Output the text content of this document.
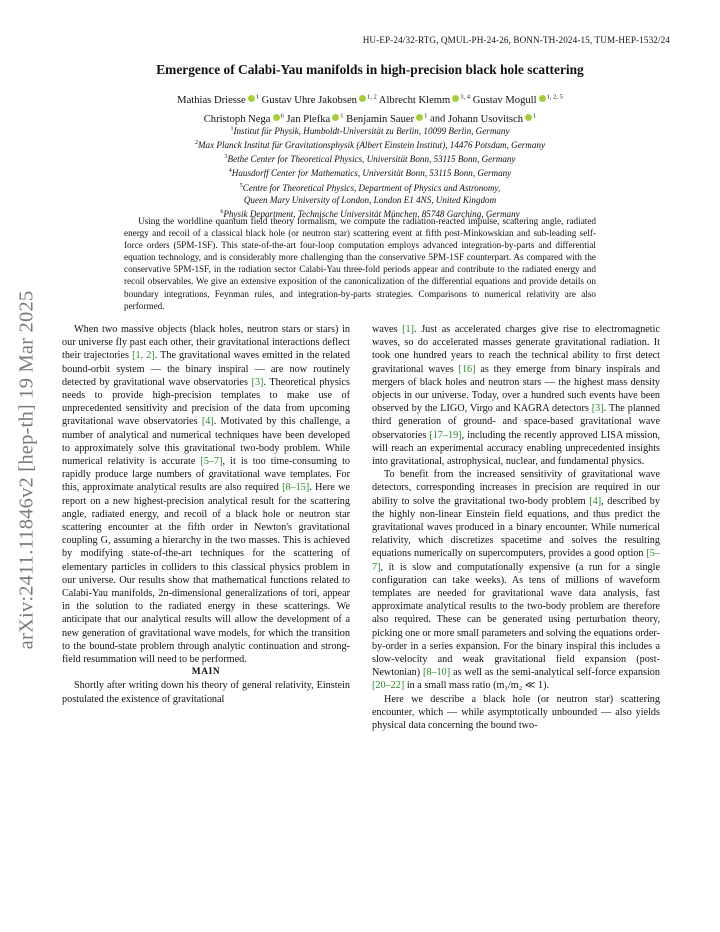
arXiv:2411.11846v2 [hep-th] 19 Mar 2025
HU-EP-24/32-RTG, QMUL-PH-24-26, BONN-TH-2024-15, TUM-HEP-1532/24
Emergence of Calabi-Yau manifolds in high-precision black hole scattering
Mathias Driesse $^1$ Gustav Uhre Jakobsen $^{1, 2}$ Albrecht Klemm $^{3, 4}$ Gustav Mogull $^{1, 2, 5}$
Christoph Nega $^6$ Jan Plefka $^1$ Benjamin Sauer $^1$ and Johann Usovitsch $^1$
$^1$Institut für Physik, Humboldt-Universität zu Berlin, 10099 Berlin, Germany
$^2$Max Planck Institut für Gravitationsphysik (Albert Einstein Institut), 14476 Potsdam, Germany
$^3$Bethe Center for Theoretical Physics, Universität Bonn, 53115 Bonn, Germany
$^4$Hausdorff Center for Mathematics, Universität Bonn, 53115 Bonn, Germany
$^5$Centre for Theoretical Physics, Department of Physics and Astronomy,
Queen Mary University of London, London E1 4NS, United Kingdom
$^6$Physik Department, Technische Universität München, 85748 Garching, Germany

Using the worldline quantum field theory formalism, we compute the radiation-reacted impulse, scattering angle, radiated energy and recoil of a classical black hole (or neutron star) scattering event at fifth post-Minkowskian and sub-leading self-force orders (5PM-1SF). This state-of-the-art four-loop computation employs advanced integration-by-parts and differential equation technology, and is considerably more challenging than the conservative 5PM-1SF counterpart. As compared with the conservative 5PM-1SF, in the radiation sector Calabi-Yau three-fold periods appear and contribute to the radiated energy and recoil observables. We give an extensive exposition of the canonicalization of the differential equations and provide details on boundary integrations, Feynman rules, and integration-by-parts strategies. Comparisons to numerical relativity are also performed.

When two massive objects (black holes, neutron stars or stars) in our universe fly past each other, their gravitational interactions deflect their trajectories [1, 2]. The gravitational waves emitted in the related bound-orbit system — the binary inspiral — are now routinely detected by gravitational wave observatories [3]. Theoretical physics needs to provide high-precision templates to make use of unprecedented sensitivity and precision of the data from upcoming gravitational wave observatories [4]. Motivated by this challenge, a number of analytical and numerical techniques have been developed to approximately solve this gravitational two-body problem. While numerical relativity is accurate [5–7], it is too time-consuming to rapidly produce large numbers of gravitational wave templates. For this, approximate analytical results are also required [8–15]. Here we report on a new highest-precision analytical result for the scattering angle, radiated energy, and recoil of a black hole or neutron star scattering encounter at the fifth order in Newton's gravitational coupling G, assuming a hierarchy in the two masses. This is achieved by modifying state-of-the-art techniques for the scattering of elementary particles in colliders to this classical physics problem in our universe. Our results show that mathematical functions related to Calabi-Yau manifolds, 2n-dimensional generalizations of tori, appear in the solution to the radiated energy in these scatterings. We anticipate that our analytical results will allow the development of a new generation of gravitational wave models, for which the transition to the bound-state problem through analytic continuation and strong-field resummation will need to be performed.

MAIN

Shortly after writing down his theory of general relativity, Einstein postulated the existence of gravitational

waves [1]. Just as accelerated charges give rise to electromagnetic waves, so do accelerated masses generate gravitational radiation. It took one hundred years to reach the technical ability to first detect gravitational waves [16] as they emerge from binary inspirals and mergers of black holes and neutron stars — the highest mass density objects in our universe. Today, over a hundred such events have been observed by the LIGO, Virgo and KAGRA detectors [3]. The planned third generation of ground- and space-based gravitational wave observatories [17–19], including the recently approved LISA mission, will reach an experimental accuracy enabling unprecedented insights into gravitational, astrophysical, nuclear, and fundamental physics.

To benefit from the increased sensitivity of gravitational wave detectors, corresponding increases in precision are required in our ability to solve the gravitational two-body problem [4], described by the highly non-linear Einstein field equations, and thus predict the gravitational waves produced in a binary encounter. While numerical relativity, which discretizes spacetime and solves the resulting equations numerically on supercomputers, provides a good option [5–7], it is slow and computationally expensive (a run for a single configuration can take weeks). As tens of millions of waveform templates are needed for gravitational wave data analysis, fast approximate analytical results to the two-body problem are therefore also required. These can be generated using perturbation theory, picking one or more small parameters and solving the equations order-by-order in a series expansion. For the binary inspiral this includes a slow-velocity and weak gravitational field expansion (post-Newtonian) [8–10] as well as the semi-analytical self-force expansion [20–22] in a small mass ratio (m₁/m₂ ≪ 1).

Here we describe a black hole (or neutron star) scattering encounter, which — while asymptotically unbounded — also yields physical data concerning the bound two-
